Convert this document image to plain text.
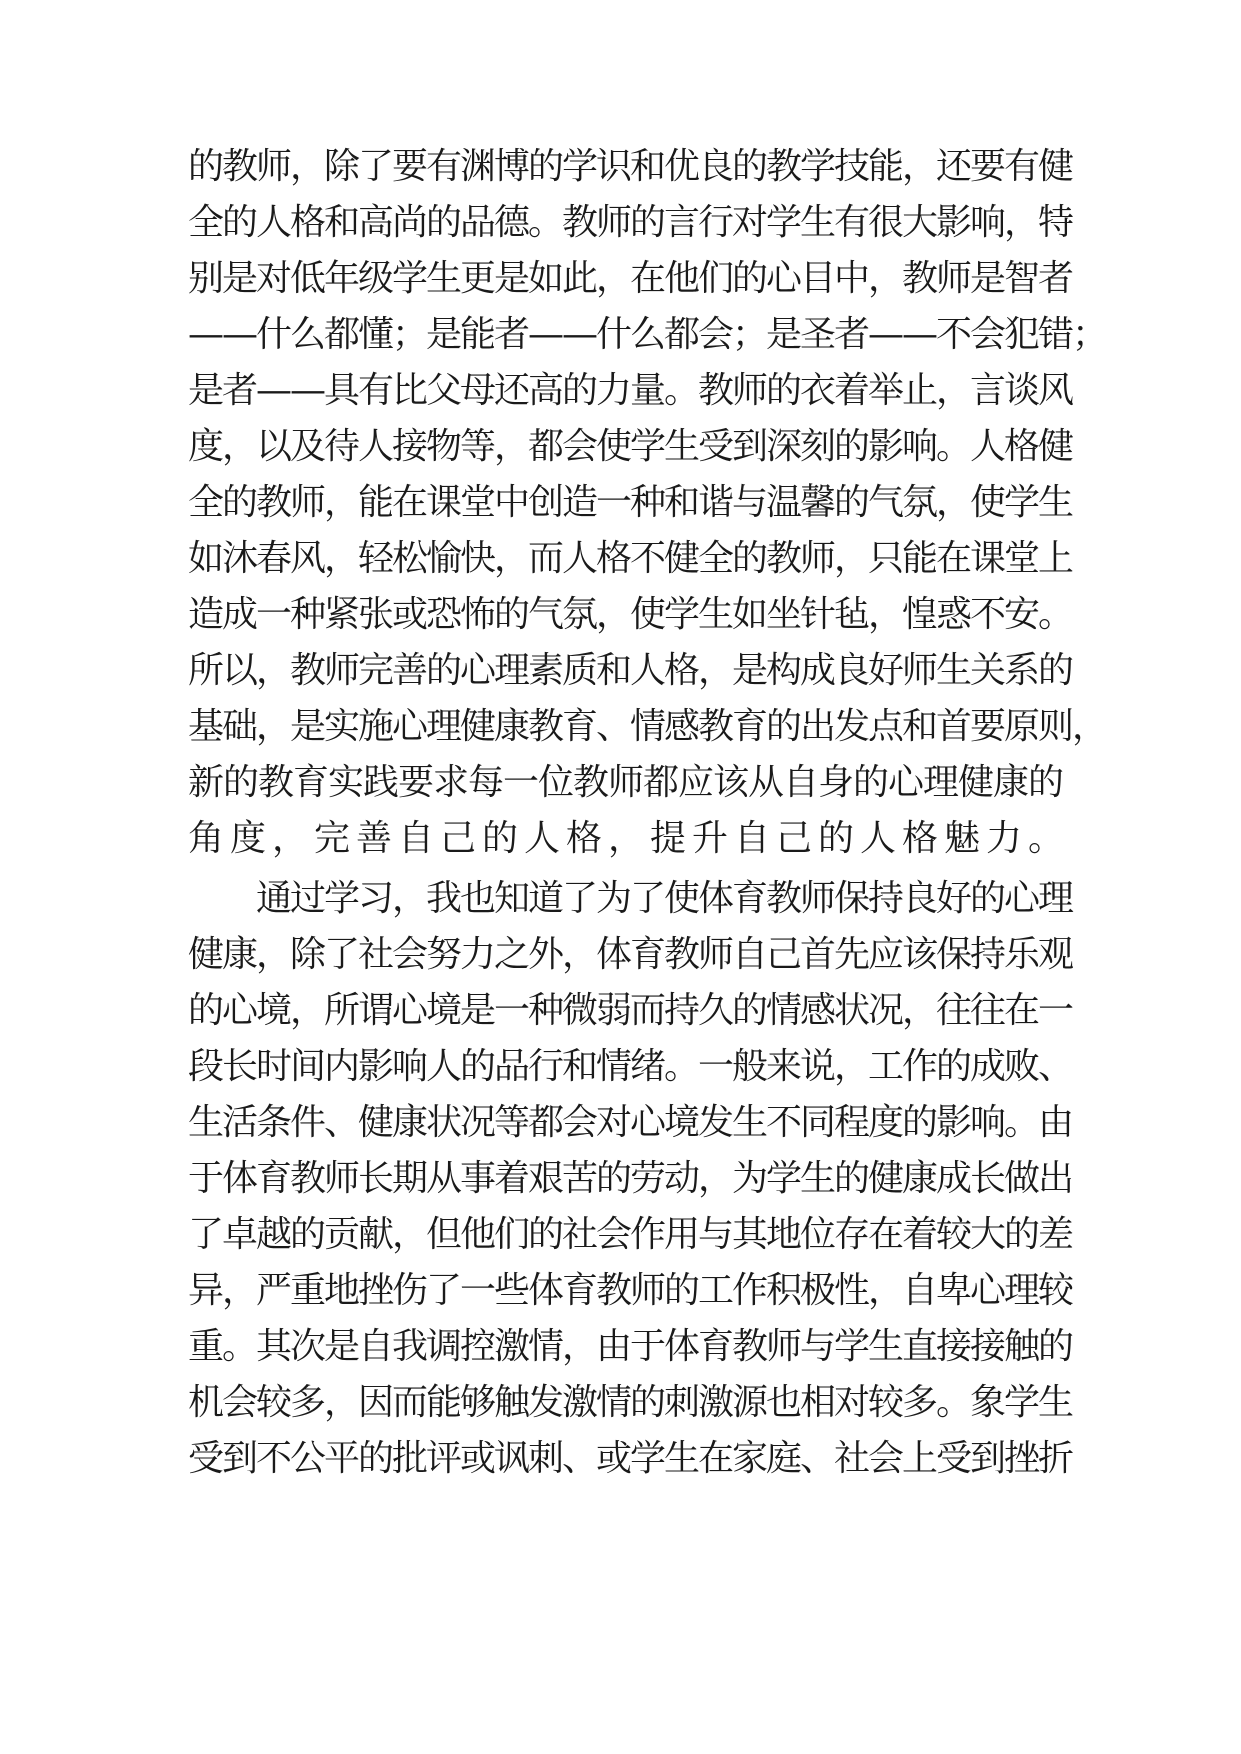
的教师，除了要有渊博的学识和优良的教学技能，还要有健
全的人格和高尚的品德。教师的言行对学生有很大影响，特
别是对低年级学生更是如此，在他们的心目中，教师是智者
——什么都懂；是能者——什么都会；是圣者——不会犯错；
是者——具有比父母还高的力量。教师的衣着举止，言谈风
度，以及待人接物等，都会使学生受到深刻的影响。人格健
全的教师，能在课堂中创造一种和谐与温馨的气氛，使学生
如沐春风，轻松愉快，而人格不健全的教师，只能在课堂上
造成一种紧张或恐怖的气氛，使学生如坐针毡，惶惑不安。
所以，教师完善的心理素质和人格，是构成良好师生关系的
基础，是实施心理健康教育、情感教育的出发点和首要原则，
新的教育实践要求每一位教师都应该从自身的心理健康的
角度，完善自己的人格，提升自己的人格魅力。
通过学习，我也知道了为了使体育教师保持良好的心理
健康，除了社会努力之外，体育教师自己首先应该保持乐观
的心境，所谓心境是一种微弱而持久的情感状况，往往在一
段长时间内影响人的品行和情绪。一般来说，工作的成败、
生活条件、健康状况等都会对心境发生不同程度的影响。由
于体育教师长期从事着艰苦的劳动，为学生的健康成长做出
了卓越的贡献，但他们的社会作用与其地位存在着较大的差
异，严重地挫伤了一些体育教师的工作积极性，自卑心理较
重。其次是自我调控激情，由于体育教师与学生直接接触的
机会较多，因而能够触发激情的刺激源也相对较多。象学生
受到不公平的批评或讽刺、或学生在家庭、社会上受到挫折
